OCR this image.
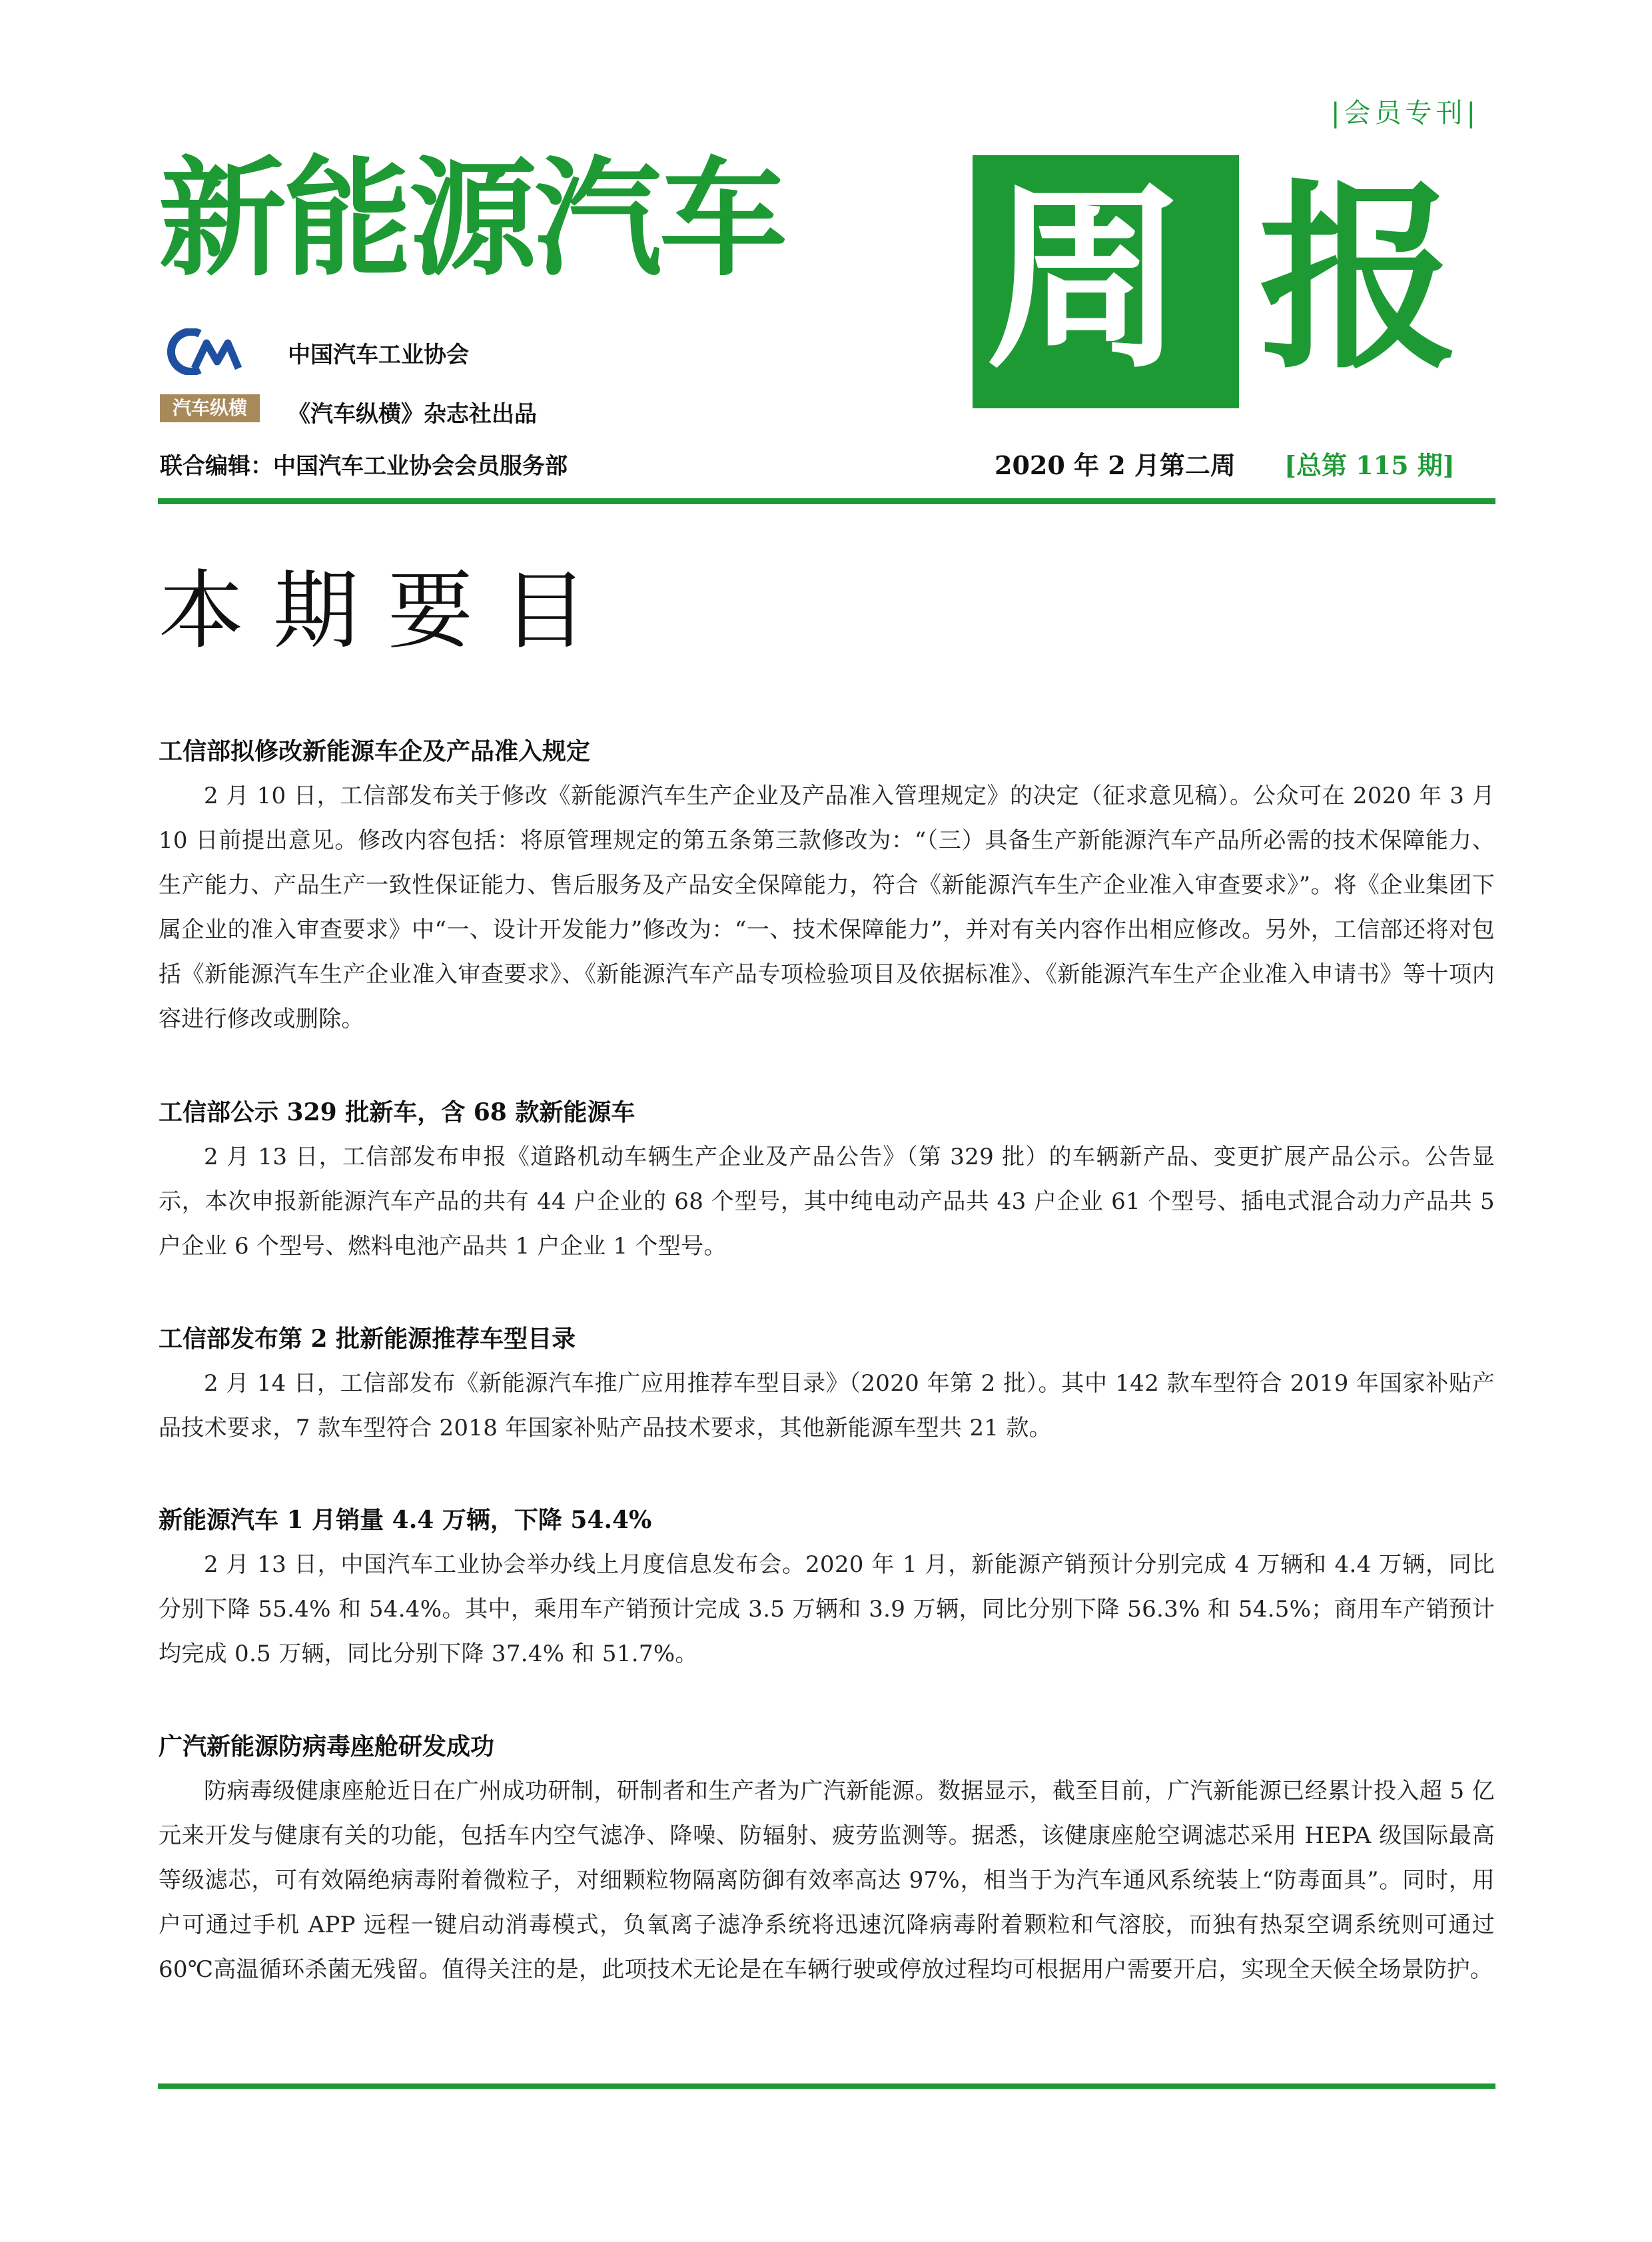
|会员专刊|
新能源汽车 周 报
中国汽车工业协会
汽车纵横	《汽车纵横》杂志社出品
联合编辑：中国汽车工业协会会员服务部	2020 年 2 月第二周 [总第 115 期]
本期要目
工信部拟修改新能源车企及产品准入规定

2 月 10 日，工信部发布关于修改《新能源汽车生产企业及产品准入管理规定》的决定（征求意见稿）。公众可在 2020 年 3 月 10 日前提出意见。修改内容包括：将原管理规定的第五条第三款修改为：“（三）具备生产新能源汽车产品所必需的技术保障能力、生产能力、产品生产一致性保证能力、售后服务及产品安全保障能力，符合《新能源汽车生产企业准入审查要求》”。将《企业集团下属企业的准入审查要求》中“一、设计开发能力”修改为：“一、技术保障能力”，并对有关内容作出相应修改。另外，工信部还将对包括《新能源汽车生产企业准入审查要求》、《新能源汽车产品专项检验项目及依据标准》、《新能源汽车生产企业准入申请书》等十项内容进行修改或删除。

工信部公示 329 批新车，含 68 款新能源车

2 月 13 日，工信部发布申报《道路机动车辆生产企业及产品公告》（第 329 批）的车辆新产品、变更扩展产品公示。公告显示，本次申报新能源汽车产品的共有 44 户企业的 68 个型号，其中纯电动产品共 43 户企业 61 个型号、插电式混合动力产品共 5 户企业 6 个型号、燃料电池产品共 1 户企业 1 个型号。

工信部发布第 2 批新能源推荐车型目录

2 月 14 日，工信部发布《新能源汽车推广应用推荐车型目录》（2020 年第 2 批）。其中 142 款车型符合 2019 年国家补贴产品技术要求，7 款车型符合 2018 年国家补贴产品技术要求，其他新能源车型共 21 款。

新能源汽车 1 月销量 4.4 万辆，下降 54.4%

2 月 13 日，中国汽车工业协会举办线上月度信息发布会。2020 年 1 月，新能源产销预计分别完成 4 万辆和 4.4 万辆，同比分别下降 55.4% 和 54.4%。其中，乘用车产销预计完成 3.5 万辆和 3.9 万辆，同比分别下降 56.3% 和 54.5%；商用车产销预计均完成 0.5 万辆，同比分别下降 37.4% 和 51.7%。

广汽新能源防病毒座舱研发成功

防病毒级健康座舱近日在广州成功研制，研制者和生产者为广汽新能源。数据显示，截至目前，广汽新能源已经累计投入超 5 亿元来开发与健康有关的功能，包括车内空气滤净、降噪、防辐射、疲劳监测等。据悉，该健康座舱空调滤芯采用 HEPA 级国际最高等级滤芯，可有效隔绝病毒附着微粒子，对细颗粒物隔离防御有效率高达 97%，相当于为汽车通风系统装上“防毒面具”。同时，用户可通过手机 APP 远程一键启动消毒模式，负氧离子滤净系统将迅速沉降病毒附着颗粒和气溶胶，而独有热泵空调系统则可通过 60℃高温循环杀菌无残留。值得关注的是，此项技术无论是在车辆行驶或停放过程均可根据用户需要开启，实现全天候全场景防护。
